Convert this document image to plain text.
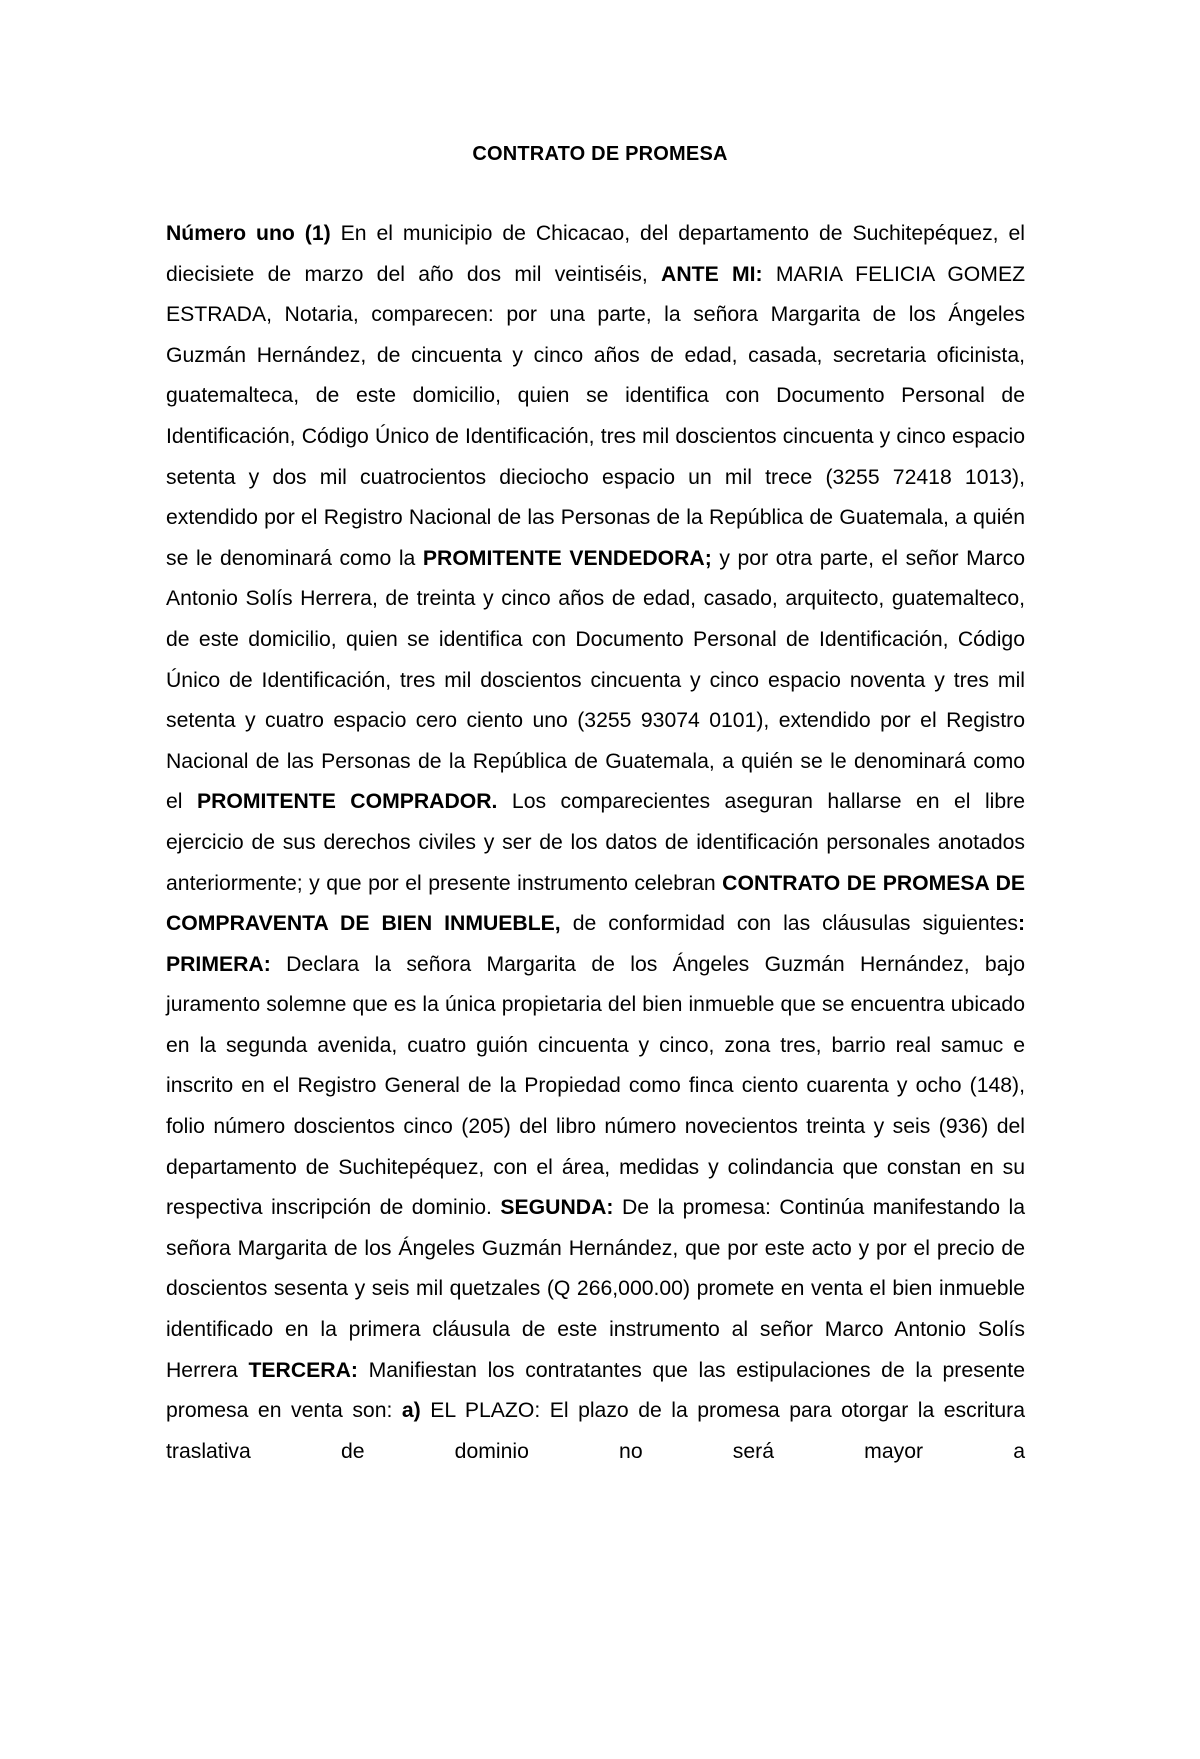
CONTRATO DE PROMESA

Número uno (1) En el municipio de Chicacao, del departamento de Suchitepéquez, el diecisiete de marzo del año dos mil veintiséis, ANTE MI: MARIA FELICIA GOMEZ ESTRADA, Notaria, comparecen: por una parte, la señora Margarita de los Ángeles Guzmán Hernández, de cincuenta y cinco años de edad, casada, secretaria oficinista, guatemalteca, de este domicilio, quien se identifica con Documento Personal de Identificación, Código Único de Identificación, tres mil doscientos cincuenta y cinco espacio setenta y dos mil cuatrocientos dieciocho espacio un mil trece (3255 72418 1013), extendido por el Registro Nacional de las Personas de la República de Guatemala, a quién se le denominará como la PROMITENTE VENDEDORA; y por otra parte, el señor Marco Antonio Solís Herrera, de treinta y cinco años de edad, casado, arquitecto, guatemalteco, de este domicilio, quien se identifica con Documento Personal de Identificación, Código Único de Identificación, tres mil doscientos cincuenta y cinco espacio noventa y tres mil setenta y cuatro espacio cero ciento uno (3255 93074 0101), extendido por el Registro Nacional de las Personas de la República de Guatemala, a quién se le denominará como el PROMITENTE COMPRADOR. Los comparecientes aseguran hallarse en el libre ejercicio de sus derechos civiles y ser de los datos de identificación personales anotados anteriormente; y que por el presente instrumento celebran CONTRATO DE PROMESA DE COMPRAVENTA DE BIEN INMUEBLE, de conformidad con las cláusulas siguientes: PRIMERA: Declara la señora Margarita de los Ángeles Guzmán Hernández, bajo juramento solemne que es la única propietaria del bien inmueble que se encuentra ubicado en la segunda avenida, cuatro guión cincuenta y cinco, zona tres, barrio real samuc e inscrito en el Registro General de la Propiedad como finca ciento cuarenta y ocho (148), folio número doscientos cinco (205) del libro número novecientos treinta y seis (936) del departamento de Suchitepéquez, con el área, medidas y colindancia que constan en su respectiva inscripción de dominio. SEGUNDA: De la promesa: Continúa manifestando la señora Margarita de los Ángeles Guzmán Hernández, que por este acto y por el precio de doscientos sesenta y seis mil quetzales (Q 266,000.00) promete en venta el bien inmueble identificado en la primera cláusula de este instrumento al señor Marco Antonio Solís Herrera TERCERA: Manifiestan los contratantes que las estipulaciones de la presente promesa en venta son: a) EL PLAZO: El plazo de la promesa para otorgar la escritura traslativa de dominio no será mayor a
